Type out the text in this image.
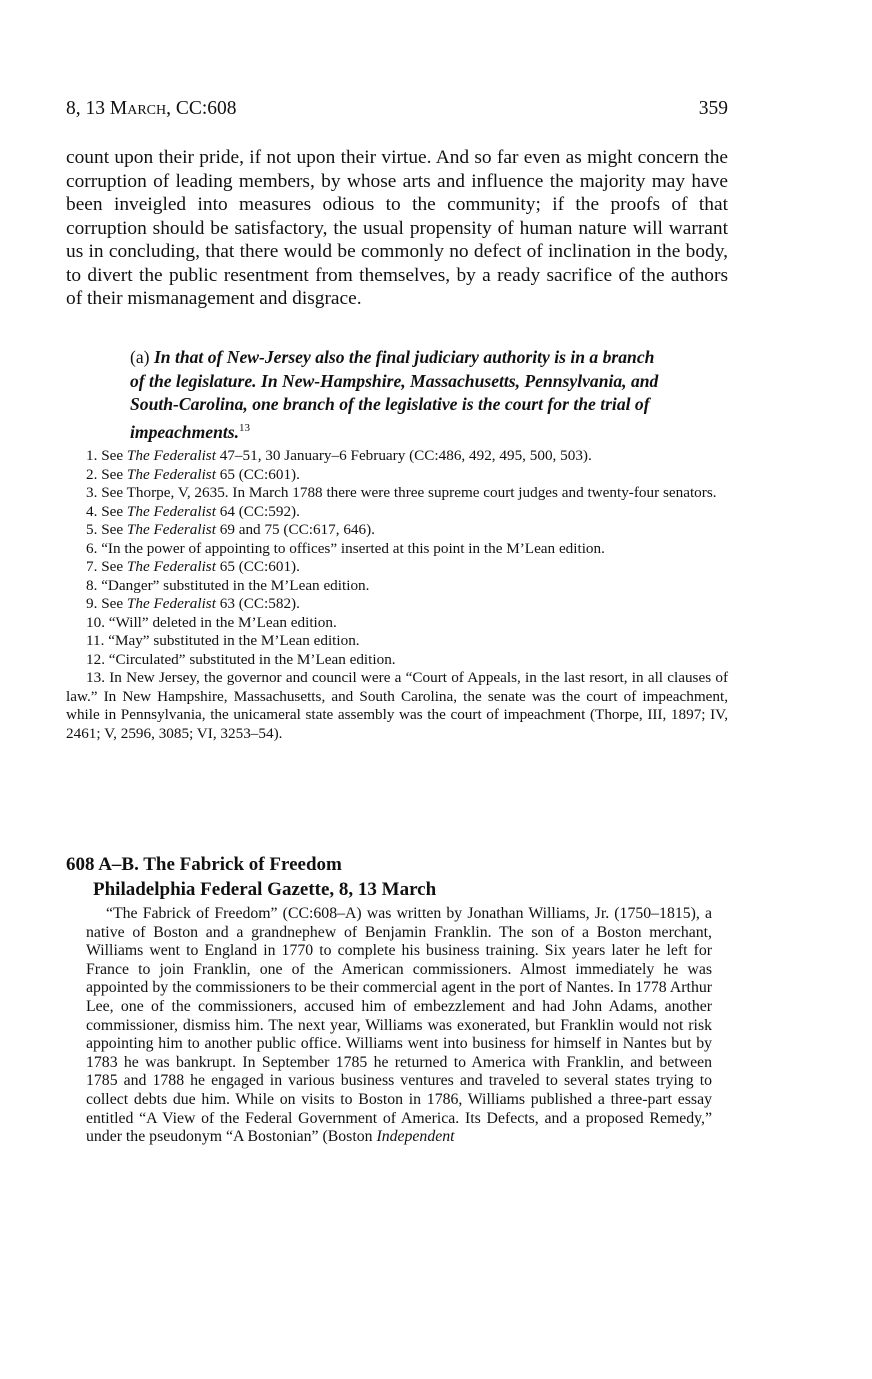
8, 13 March, CC:608	359
count upon their pride, if not upon their virtue. And so far even as might concern the corruption of leading members, by whose arts and influence the majority may have been inveigled into measures odious to the community; if the proofs of that corruption should be satisfactory, the usual propensity of human nature will warrant us in concluding, that there would be commonly no defect of inclination in the body, to divert the public resentment from themselves, by a ready sacrifice of the authors of their mismanagement and disgrace.
(a) In that of New-Jersey also the final judiciary authority is in a branch of the legislature. In New-Hampshire, Massachusetts, Pennsylvania, and South-Carolina, one branch of the legislative is the court for the trial of impeachments.$^{13}$
1. See The Federalist 47–51, 30 January–6 February (CC:486, 492, 495, 500, 503).
2. See The Federalist 65 (CC:601).
3. See Thorpe, V, 2635. In March 1788 there were three supreme court judges and twenty-four senators.
4. See The Federalist 64 (CC:592).
5. See The Federalist 69 and 75 (CC:617, 646).
6. “In the power of appointing to offices” inserted at this point in the M’Lean edition.
7. See The Federalist 65 (CC:601).
8. “Danger” substituted in the M’Lean edition.
9. See The Federalist 63 (CC:582).
10. “Will” deleted in the M’Lean edition.
11. “May” substituted in the M’Lean edition.
12. “Circulated” substituted in the M’Lean edition.
13. In New Jersey, the governor and council were a “Court of Appeals, in the last resort, in all clauses of law.” In New Hampshire, Massachusetts, and South Carolina, the senate was the court of impeachment, while in Pennsylvania, the unicameral state assembly was the court of impeachment (Thorpe, III, 1897; IV, 2461; V, 2596, 3085; VI, 3253–54).
608 A–B. The Fabrick of Freedom
Philadelphia Federal Gazette, 8, 13 March
“The Fabrick of Freedom” (CC:608–A) was written by Jonathan Williams, Jr. (1750–1815), a native of Boston and a grandnephew of Benjamin Franklin. The son of a Boston merchant, Williams went to England in 1770 to complete his business training. Six years later he left for France to join Franklin, one of the American commissioners. Almost immediately he was appointed by the commissioners to be their commercial agent in the port of Nantes. In 1778 Arthur Lee, one of the commissioners, accused him of embezzlement and had John Adams, another commissioner, dismiss him. The next year, Williams was exonerated, but Franklin would not risk appointing him to another public office. Williams went into business for himself in Nantes but by 1783 he was bankrupt. In September 1785 he returned to America with Franklin, and between 1785 and 1788 he engaged in various business ventures and traveled to several states trying to collect debts due him. While on visits to Boston in 1786, Williams published a three-part essay entitled “A View of the Federal Government of America. Its Defects, and a proposed Remedy,” under the pseudonym “A Bostonian” (Boston Independent
